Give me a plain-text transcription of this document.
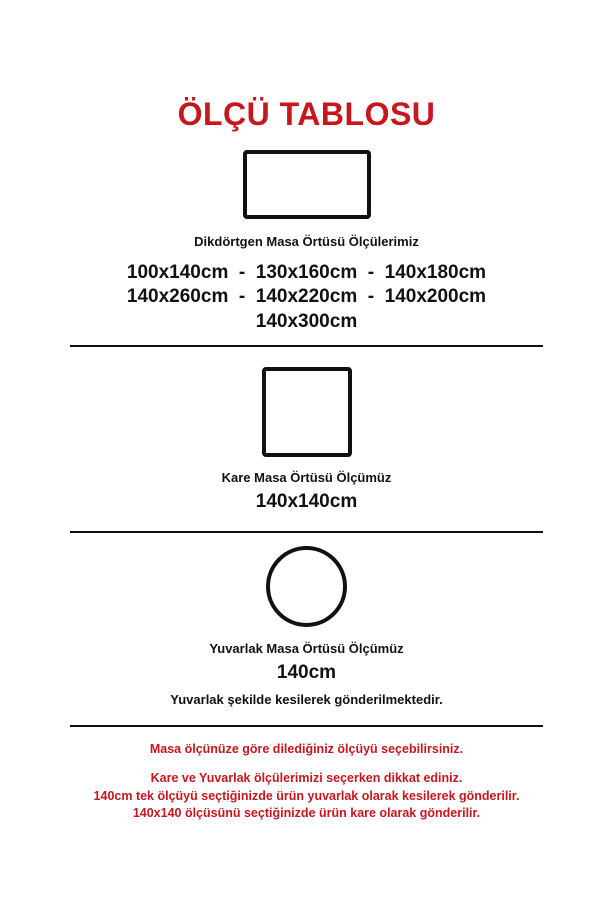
ÖLÇÜ TABLOSU
Dikdörtgen Masa Örtüsü Ölçülerimiz
100x140cm  -  130x160cm  -  140x180cm
140x260cm  -  140x220cm  -  140x200cm
140x300cm
Kare Masa Örtüsü Ölçümüz
140x140cm
Yuvarlak Masa Örtüsü Ölçümüz
140cm
Yuvarlak şekilde kesilerek gönderilmektedir.
Masa ölçünüze göre dilediğiniz ölçüyü seçebilirsiniz.
Kare ve Yuvarlak ölçülerimizi seçerken dikkat ediniz.
140cm tek ölçüyü seçtiğinizde ürün yuvarlak olarak kesilerek gönderilir.
140x140 ölçüsünü seçtiğinizde ürün kare olarak gönderilir.
